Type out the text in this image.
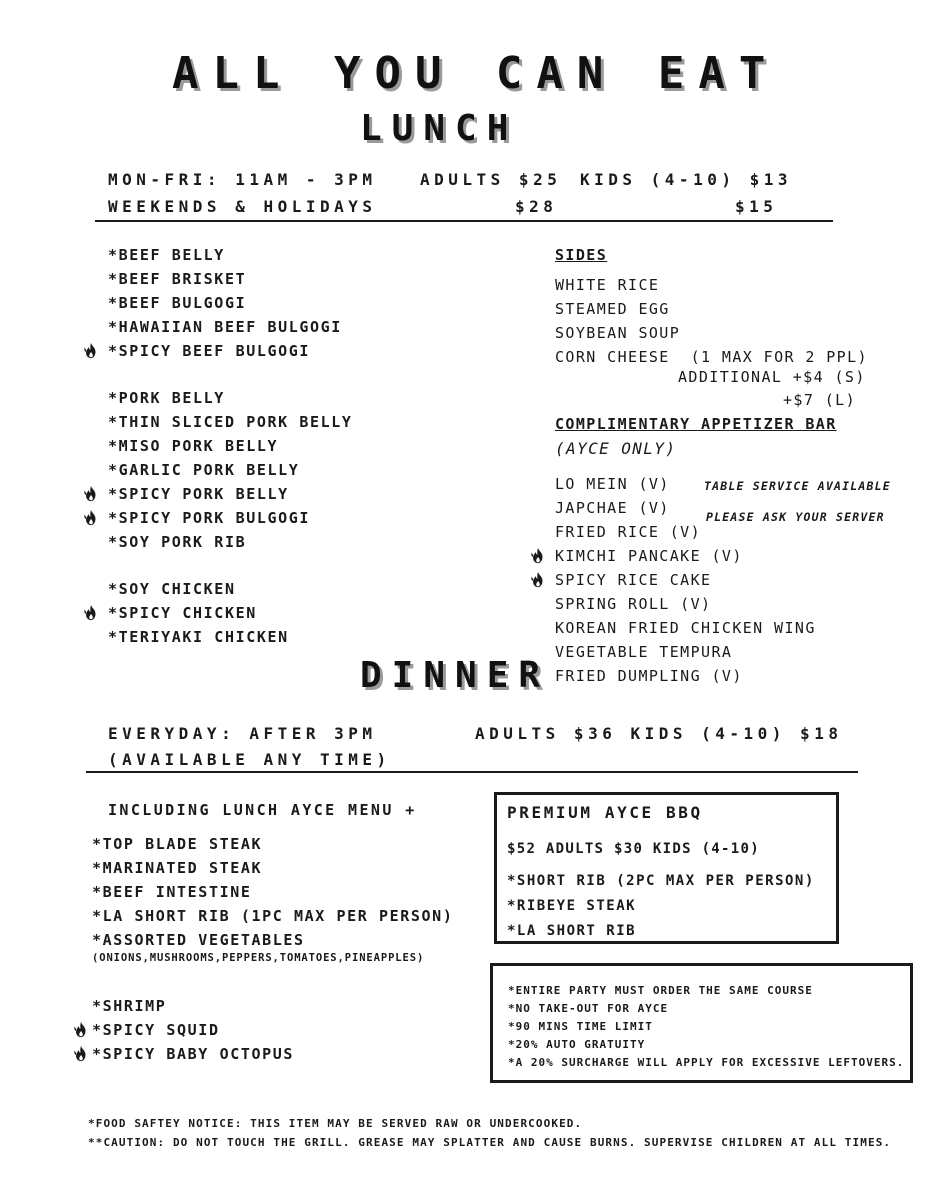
ALL YOU CAN EAT
LUNCH
MON-FRI: 11AM - 3PM	ADULTS $25 KIDS (4-10) $13
WEEKENDS & HOLIDAYS	$28	$15
*BEEF BELLY
*BEEF BRISKET
*BEEF BULGOGI
*HAWAIIAN BEEF BULGOGI
*SPICY BEEF BULGOGI
*PORK BELLY
*THIN SLICED PORK BELLY
*MISO PORK BELLY
*GARLIC PORK BELLY
*SPICY PORK BELLY
*SPICY PORK BULGOGI
*SOY PORK RIB
*SOY CHICKEN
*SPICY CHICKEN
*TERIYAKI CHICKEN
SIDES
WHITE RICE
STEAMED EGG
SOYBEAN SOUP
CORN CHEESE (1 MAX FOR 2 PPL)
ADDITIONAL +$4 (S)
+$7 (L)
COMPLIMENTARY APPETIZER BAR
(AYCE ONLY)
LO MEIN (V)
JAPCHAE (V)
FRIED RICE (V)
KIMCHI PANCAKE (V)
SPICY RICE CAKE
SPRING ROLL (V)
KOREAN FRIED CHICKEN WING
VEGETABLE TEMPURA
FRIED DUMPLING (V)
TABLE SERVICE AVAILABLE
PLEASE ASK YOUR SERVER
DINNER
EVERYDAY: AFTER 3PM
(AVAILABLE ANY TIME)
ADULTS $36 KIDS (4-10) $18
INCLUDING LUNCH AYCE MENU +
*TOP BLADE STEAK
*MARINATED STEAK
*BEEF INTESTINE
*LA SHORT RIB (1PC MAX PER PERSON)
*ASSORTED VEGETABLES
(ONIONS,MUSHROOMS,PEPPERS,TOMATOES,PINEAPPLES)
*SHRIMP
*SPICY SQUID
*SPICY BABY OCTOPUS
PREMIUM AYCE BBQ
$52 ADULTS $30 KIDS (4-10)
*SHORT RIB (2PC MAX PER PERSON)
*RIBEYE STEAK
*LA SHORT RIB
*ENTIRE PARTY MUST ORDER THE SAME COURSE
*NO TAKE-OUT FOR AYCE
*90 MINS TIME LIMIT
*20% AUTO GRATUITY
*A 20% SURCHARGE WILL APPLY FOR EXCESSIVE LEFTOVERS.
*FOOD SAFTEY NOTICE: THIS ITEM MAY BE SERVED RAW OR UNDERCOOKED.
**CAUTION: DO NOT TOUCH THE GRILL. GREASE MAY SPLATTER AND CAUSE BURNS. SUPERVISE CHILDREN AT ALL TIMES.
